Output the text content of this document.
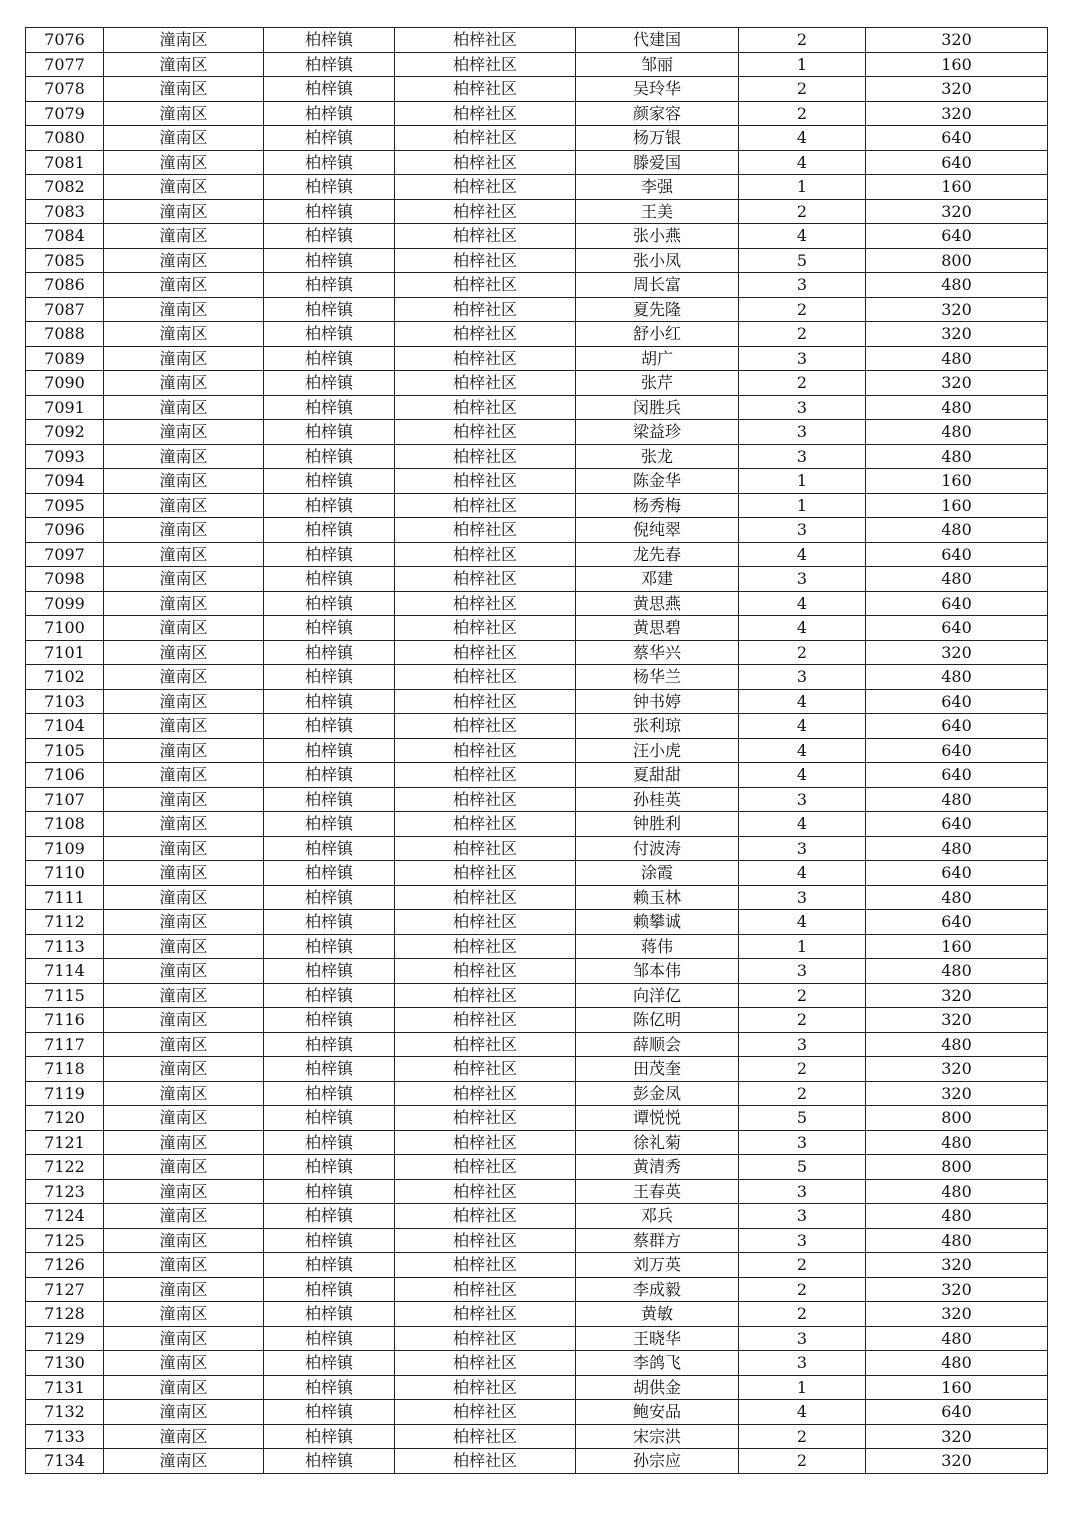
7076	潼南区	柏梓镇	柏梓社区	代建国	2	320
7077	潼南区	柏梓镇	柏梓社区	邹丽	1	160
7078	潼南区	柏梓镇	柏梓社区	吴玲华	2	320
7079	潼南区	柏梓镇	柏梓社区	颜家容	2	320
7080	潼南区	柏梓镇	柏梓社区	杨万银	4	640
7081	潼南区	柏梓镇	柏梓社区	滕爱国	4	640
7082	潼南区	柏梓镇	柏梓社区	李强	1	160
7083	潼南区	柏梓镇	柏梓社区	王美	2	320
7084	潼南区	柏梓镇	柏梓社区	张小燕	4	640
7085	潼南区	柏梓镇	柏梓社区	张小凤	5	800
7086	潼南区	柏梓镇	柏梓社区	周长富	3	480
7087	潼南区	柏梓镇	柏梓社区	夏先隆	2	320
7088	潼南区	柏梓镇	柏梓社区	舒小红	2	320
7089	潼南区	柏梓镇	柏梓社区	胡广	3	480
7090	潼南区	柏梓镇	柏梓社区	张芹	2	320
7091	潼南区	柏梓镇	柏梓社区	闵胜兵	3	480
7092	潼南区	柏梓镇	柏梓社区	梁益珍	3	480
7093	潼南区	柏梓镇	柏梓社区	张龙	3	480
7094	潼南区	柏梓镇	柏梓社区	陈金华	1	160
7095	潼南区	柏梓镇	柏梓社区	杨秀梅	1	160
7096	潼南区	柏梓镇	柏梓社区	倪纯翠	3	480
7097	潼南区	柏梓镇	柏梓社区	龙先春	4	640
7098	潼南区	柏梓镇	柏梓社区	邓建	3	480
7099	潼南区	柏梓镇	柏梓社区	黄思燕	4	640
7100	潼南区	柏梓镇	柏梓社区	黄思碧	4	640
7101	潼南区	柏梓镇	柏梓社区	蔡华兴	2	320
7102	潼南区	柏梓镇	柏梓社区	杨华兰	3	480
7103	潼南区	柏梓镇	柏梓社区	钟书婷	4	640
7104	潼南区	柏梓镇	柏梓社区	张利琼	4	640
7105	潼南区	柏梓镇	柏梓社区	汪小虎	4	640
7106	潼南区	柏梓镇	柏梓社区	夏甜甜	4	640
7107	潼南区	柏梓镇	柏梓社区	孙桂英	3	480
7108	潼南区	柏梓镇	柏梓社区	钟胜利	4	640
7109	潼南区	柏梓镇	柏梓社区	付波涛	3	480
7110	潼南区	柏梓镇	柏梓社区	涂霞	4	640
7111	潼南区	柏梓镇	柏梓社区	赖玉林	3	480
7112	潼南区	柏梓镇	柏梓社区	赖攀诚	4	640
7113	潼南区	柏梓镇	柏梓社区	蒋伟	1	160
7114	潼南区	柏梓镇	柏梓社区	邹本伟	3	480
7115	潼南区	柏梓镇	柏梓社区	向洋亿	2	320
7116	潼南区	柏梓镇	柏梓社区	陈亿明	2	320
7117	潼南区	柏梓镇	柏梓社区	薛顺会	3	480
7118	潼南区	柏梓镇	柏梓社区	田茂奎	2	320
7119	潼南区	柏梓镇	柏梓社区	彭金凤	2	320
7120	潼南区	柏梓镇	柏梓社区	谭悦悦	5	800
7121	潼南区	柏梓镇	柏梓社区	徐礼菊	3	480
7122	潼南区	柏梓镇	柏梓社区	黄清秀	5	800
7123	潼南区	柏梓镇	柏梓社区	王春英	3	480
7124	潼南区	柏梓镇	柏梓社区	邓兵	3	480
7125	潼南区	柏梓镇	柏梓社区	蔡群方	3	480
7126	潼南区	柏梓镇	柏梓社区	刘万英	2	320
7127	潼南区	柏梓镇	柏梓社区	李成毅	2	320
7128	潼南区	柏梓镇	柏梓社区	黄敏	2	320
7129	潼南区	柏梓镇	柏梓社区	王晓华	3	480
7130	潼南区	柏梓镇	柏梓社区	李鸽飞	3	480
7131	潼南区	柏梓镇	柏梓社区	胡供金	1	160
7132	潼南区	柏梓镇	柏梓社区	鲍安品	4	640
7133	潼南区	柏梓镇	柏梓社区	宋宗洪	2	320
7134	潼南区	柏梓镇	柏梓社区	孙宗应	2	320
